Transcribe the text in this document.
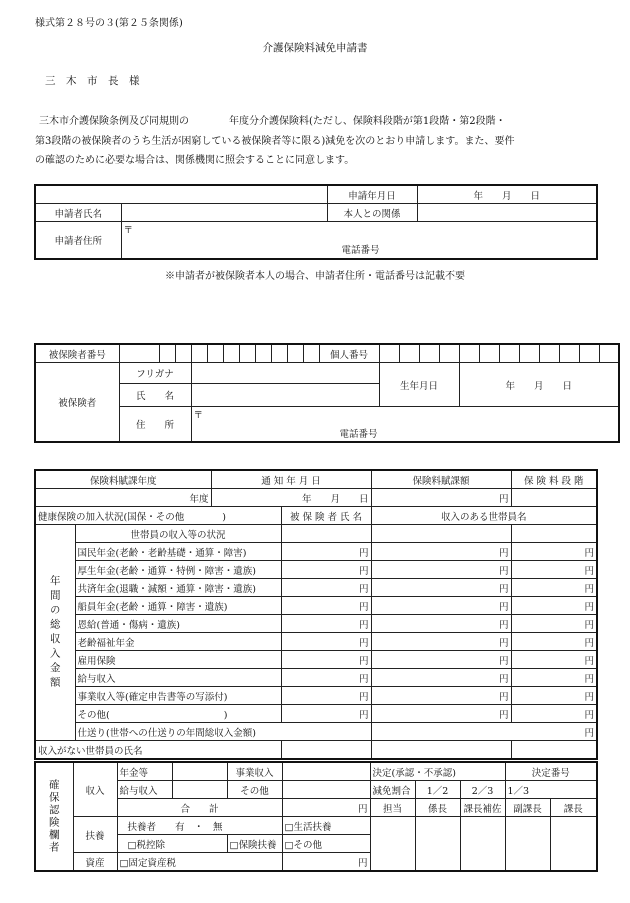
様式第２８号の３(第２５条関係)
介護保険料減免申請書
三　木　市　長　様
三木市介護保険条例及び同規則の　　　　年度分介護保険料(ただし、保険料段階が第1段階・第2段階・
第3段階の被保険者のうち生活が困窮している被保険者等に限る)減免を次のとおり申請します。また、要件
の確認のために必要な場合は、関係機関に照会することに同意します。
		申請年月日	年　　月　　日
申請者氏名		本人との関係	
申請者住所	〒
電話番号		
※申請者が被保険者本人の場合、申請者住所・電話番号は記載不要
被保険者番号												個人番号												
被保険者	フリガナ												生年月日				年　　月　　日							
	氏　　名																							
	住　　所			〒
電話番号																				
保険料賦課年度		通 知 年 月 日		保険料賦課額	保 険 料 段 階
年度		年　　月　　日		円	
健康保険の加入状況(国保・その他　　　　)			被 保 険 者 氏 名	収入のある世帯員名	
年間の総収入金額	世帯員の収入等の状況				
	国民年金(老齢・老齢基礎・通算・障害)		円	円	円
	厚生年金(老齢・通算・特例・障害・遺族)		円	円	円
	共済年金(退職・減額・通算・障害・遺族)		円	円	円
	船員年金(老齢・通算・障害・遺族)		円	円	円
	恩給(普通・傷病・遺族)		円	円	円
	老齢福祉年金		円	円	円
	雇用保険		円	円	円
	給与収入		円	円	円
	事業収入等(確定申告書等の写添付)		円	円	円
	その他(　　　　　　　　　　　　)		円	円	円
	仕送り(世帯への仕送りの年間総収入金額)			円	
収入がない世帯員の氏名					
確保認険欄者	収入	年金等		事業収入		決定(承認・不承認)			決定番号	
		給与収入		その他		減免割合	1／2	2／3	1／3	
		合　　計			円	担当	係長	課長補佐	副課長	課長
	扶養	扶養者　　有　・　無			□生活扶養					
		□税控除		□保険扶養	□その他					
	資産	□固定資産税			円					
